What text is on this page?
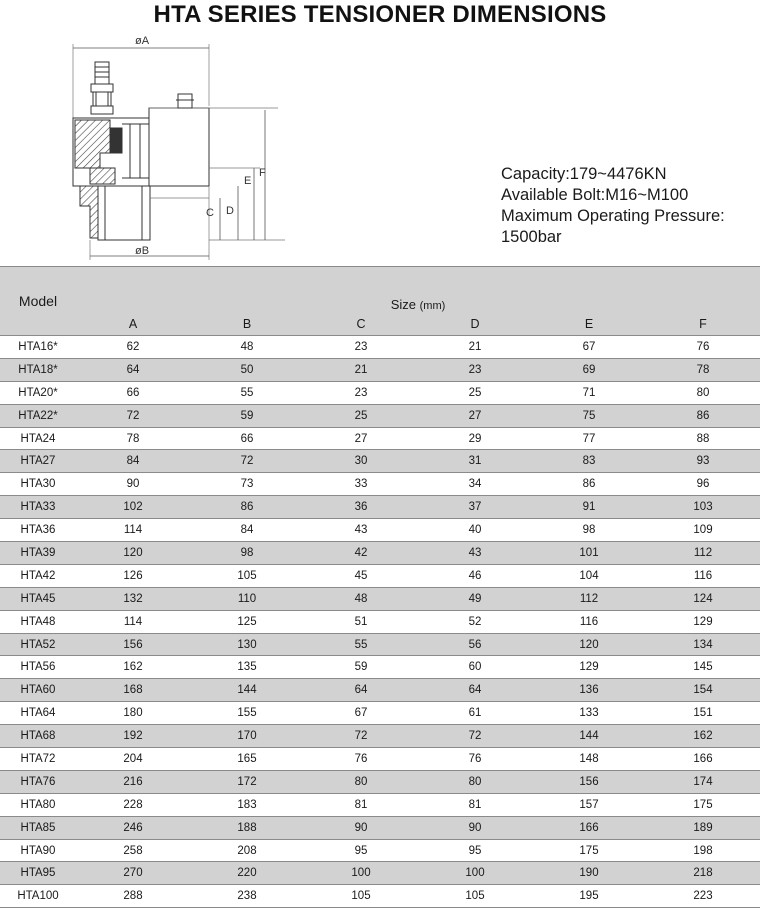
HTA SERIES TENSIONER DIMENSIONS
øA
øB
C D
E
F	Capacity:179~4476KN
Available Bolt:M16~M100
Maximum Operating Pressure:
1500bar
Model	Size (mm)					
	A	B	C	D	E	F
HTA16*	62	48	23	21	67	76
HTA18*	64	50	21	23	69	78
HTA20*	66	55	23	25	71	80
HTA22*	72	59	25	27	75	86
HTA24	78	66	27	29	77	88
HTA27	84	72	30	31	83	93
HTA30	90	73	33	34	86	96
HTA33	102	86	36	37	91	103
HTA36	114	84	43	40	98	109
HTA39	120	98	42	43	101	112
HTA42	126	105	45	46	104	116
HTA45	132	110	48	49	112	124
HTA48	114	125	51	52	116	129
HTA52	156	130	55	56	120	134
HTA56	162	135	59	60	129	145
HTA60	168	144	64	64	136	154
HTA64	180	155	67	61	133	151
HTA68	192	170	72	72	144	162
HTA72	204	165	76	76	148	166
HTA76	216	172	80	80	156	174
HTA80	228	183	81	81	157	175
HTA85	246	188	90	90	166	189
HTA90	258	208	95	95	175	198
HTA95	270	220	100	100	190	218
HTA100	288	238	105	105	195	223
